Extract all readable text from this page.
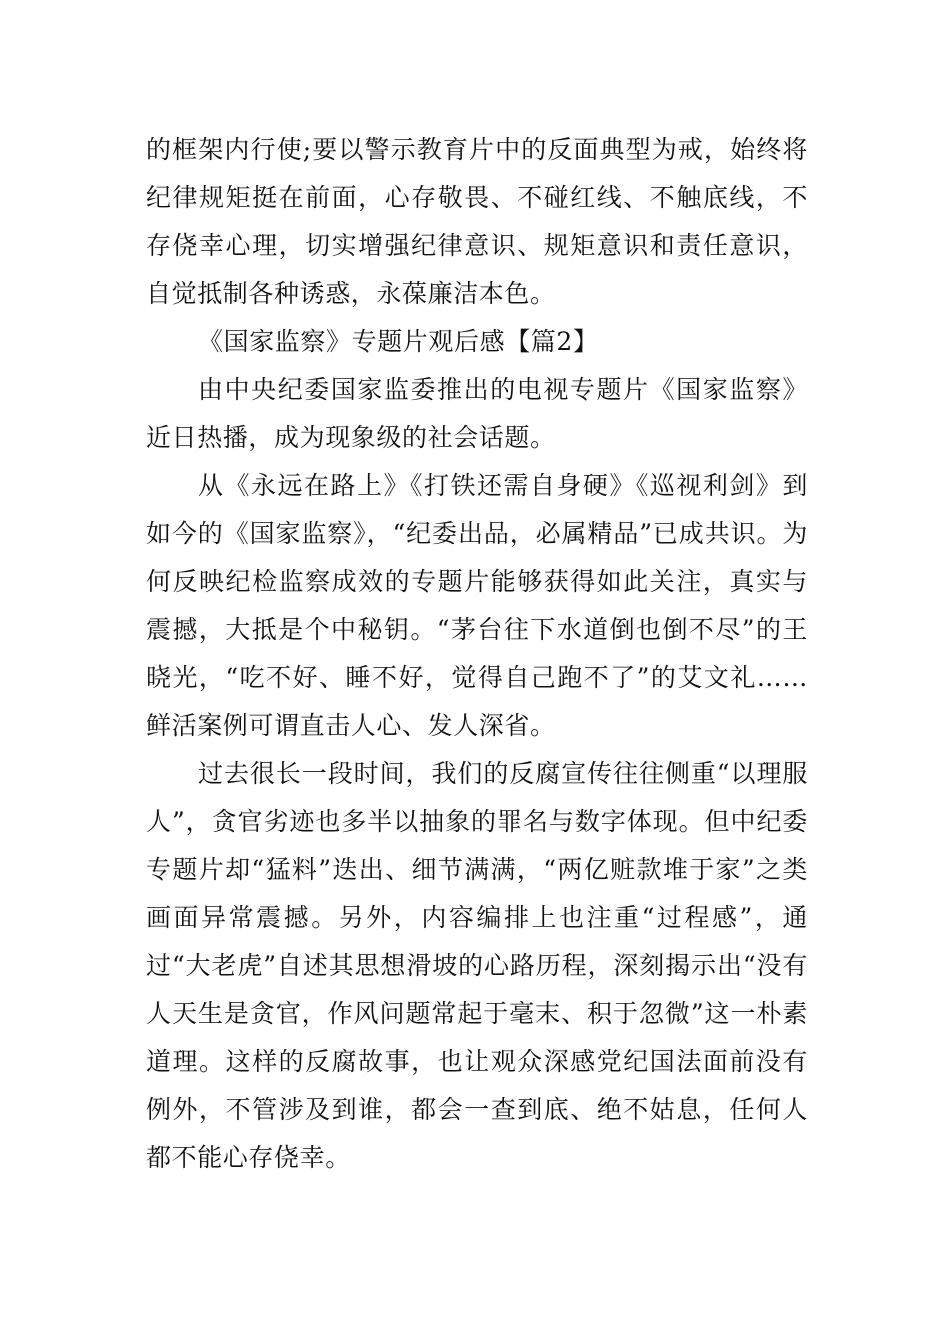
的框架内行使;要以警示教育片中的反面典型为戒，始终将纪律规矩挺在前面，心存敬畏、不碰红线、不触底线，不存侥幸心理，切实增强纪律意识、规矩意识和责任意识，自觉抵制各种诱惑，永葆廉洁本色。

《国家监察》专题片观后感【篇2】

由中央纪委国家监委推出的电视专题片《国家监察》近日热播，成为现象级的社会话题。

从《永远在路上》《打铁还需自身硬》《巡视利剑》到如今的《国家监察》，“纪委出品，必属精品”已成共识。为何反映纪检监察成效的专题片能够获得如此关注，真实与震撼，大抵是个中秘钥。“茅台往下水道倒也倒不尽”的王晓光，“吃不好、睡不好，觉得自己跑不了”的艾文礼……鲜活案例可谓直击人心、发人深省。

过去很长一段时间，我们的反腐宣传往往侧重“以理服人”，贪官劣迹也多半以抽象的罪名与数字体现。但中纪委专题片却“猛料”迭出、细节满满，“两亿赃款堆于家”之类画面异常震撼。另外，内容编排上也注重“过程感”，通过“大老虎”自述其思想滑坡的心路历程，深刻揭示出“没有人天生是贪官，作风问题常起于毫末、积于忽微”这一朴素道理。这样的反腐故事，也让观众深感党纪国法面前没有例外，不管涉及到谁，都会一查到底、绝不姑息，任何人都不能心存侥幸。
